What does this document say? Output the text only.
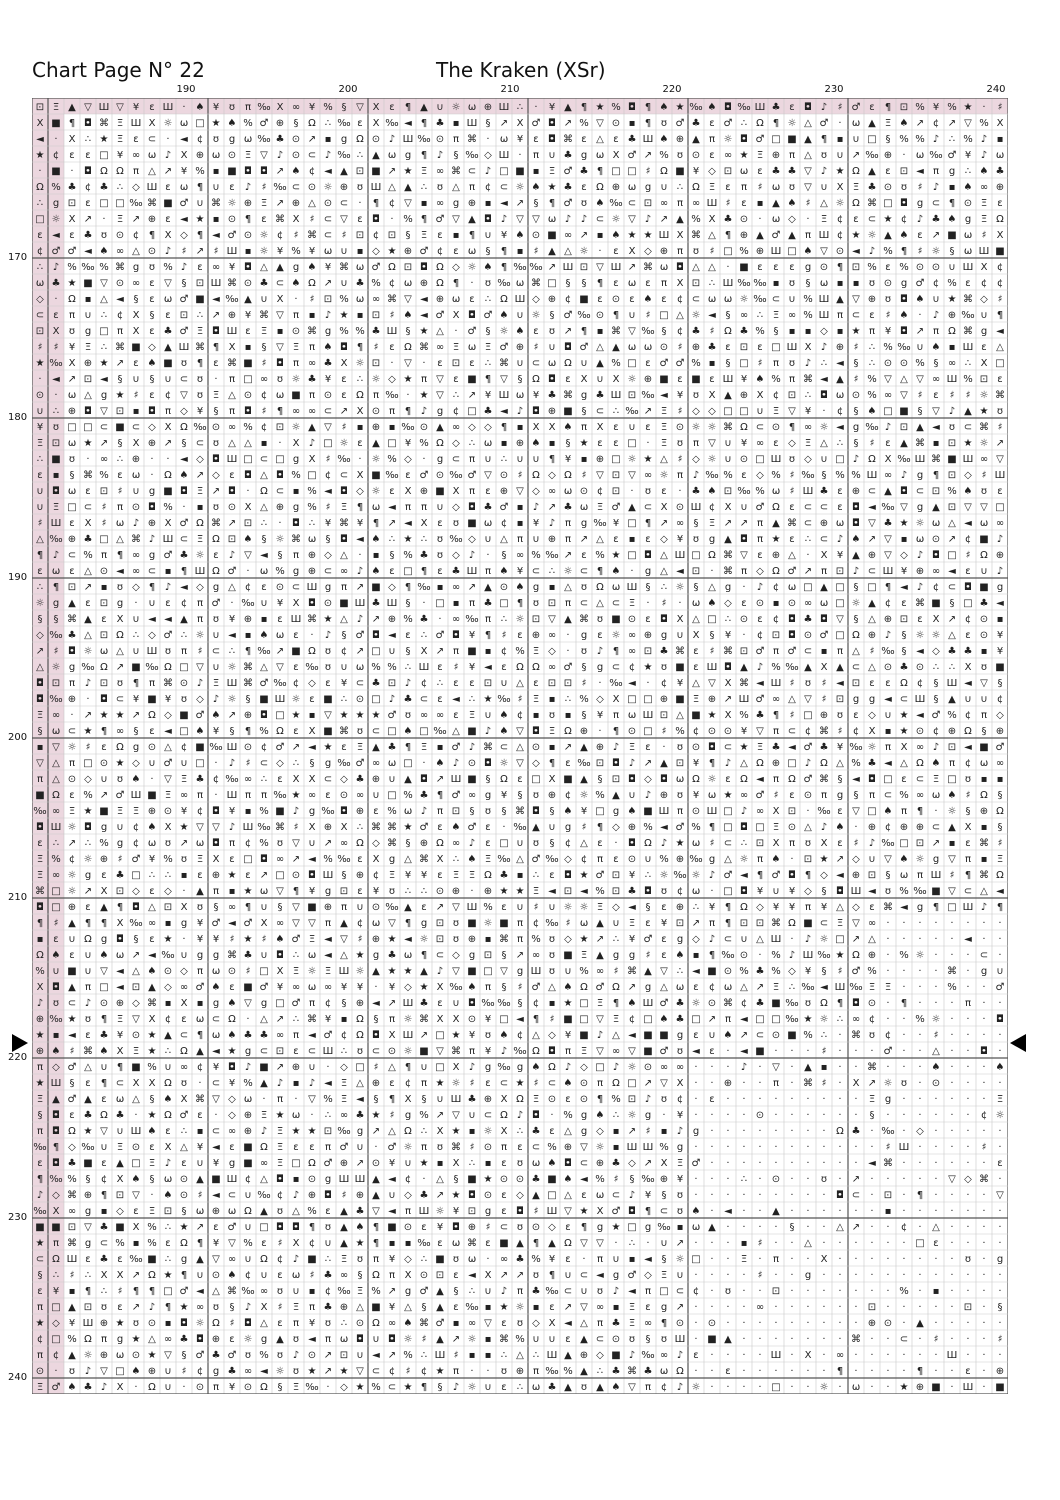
Chart Page N° 22	The Kraken (XSr)
190	200	210	220	230	240
170
180
190
200
210
220
230
240
⊡ Ξ ▲ ▽ Ш ▽ ¥ ɛ Ш · ♠ ¥ ʊ π ‰ X ∞ ¥ % § ▽ X ɛ ¶ ▲ ∪ ☼ ω ⊕ Ш ∴ · ¥ ▲ ¶ ★ % ◘ ¶ ♠ ★ ‰ ♠ ◘ ‰ Ш ♣ ε ◘ ♪ ♯ ♂ ε ¶ ⊡ % ¥ % ★ · ♯
X ■ ¶ ◘ ⌘ Ξ Ш X ☼ ω □ ★ ♠ % ♂ ⊕ § Ω ∴ ‰ ɛ X ‰ ◄ ¶ ♣ ▪ Ш § ↗ X ♂ ◘ ↗ % ▽ ⊙ ▪ ¶ ʊ ♂ ♣ ɛ ♂ ∴ Ω ¶ ☼ △ ♂ · ω ▲ Ξ ♠ ↗ ¢ ↗ ▽ % X
◄ · X ∴ ★ Ξ ε ⊂ · ◄ ¢ ʊ g ω ‰ ♣ ⊙ ↗ ▪ g Ω ⊙ ♪ Ш ‰ ⊙ π ⌘ · ω ¥ ε ◘ ⌘ ε △ ɛ ♣ Ш ♠ ⊕ ▲ π ☼ ◘ ♂ □ ■ ▲ ¶ ▪ ∪ □ § % % ♪ ∴ % ♪ ▪
★ ¢ ɛ ɛ □ ¥ ∞ ω ♪ X ⊕ ω ⊙ Ξ ▽ ♪ ⊙ ⊂ ♪ ‰ ∴ ▲ ω g ¶ ♪ § ‰ ◇ Ш · π ∪ ♣ g ω X ♂ ↗ % ʊ ⊙ ε ∞ ★ Ξ ⊕ π △ ʊ ∪ ↗ ‰ ⊕ · ω ‰ ♂ ¥ ♪ ω
· ■ · ◘ Ω Ω π △ ↗ ¥ % ▪ ■ ◘ ◘ ↗ ♠ ¢ ◄ ▲ ⊡ ■ ↗ ★ Ξ ∞ ⌘ ⊂ ♪ □ ■ ▪ Ξ ♂ ♣ ¶ □ □ ♯ Ω ■ ¥ ◇ ⊡ ω ɛ ♣ ♣ ▽ ♪ ★ Ω ▲ ɛ ⊡ ◄ π g ∴ ♠ ♣
Ω % ♣ ¢ ♣ ∴ ◇ Ш ε ω ¶ ∪ ε ♪ ♯ ‰ ⊂ ⊙ ☼ ⊕ ʊ Ш △ ▲ ∴ ʊ △ π ¢ ⊂ ☼ ♠ ★ ♣ ɛ Ω ⊕ ω g ∪ ∴ Ω Ξ ɛ π ♯ ω ʊ ▽ ∪ X Ξ ♣ ⊙ ʊ ♯ ♪ ▪ ♠ ∞ ⊕
∴ g ⊡ ε □ □ ‰ ⌘ ■ ♂ ∪ ⌘ ☼ ⊕ Ξ ↗ ⊕ △ ⊙ ⊂ · ¶ ¢ ▽ ▪ ∞ g ⊕ ▪ ◄ ↗ § ¶ ♂ ʊ ♠ ‰ ⊂ ⊡ ∞ π ∞ Ш ♯ ε ▪ ▲ ♠ ♯ △ ☼ Ω ⌘ □ ◘ g ⊂ ¶ ⊙ Ξ ɛ
□ ☼ X ↗ · Ξ ↗ ⊕ ε ◄ ★ ▪ ⊙ ¶ ε ⌘ X ♯ ⊂ ▽ ε ◘ · % ¶ ♂ ▽ ▲ ◘ ♪ ▽ ▽ ω ♪ ♪ ⊂ ☼ ▽ ♪ ↗ ▲ % X ♣ ⊙ · ω ◇ · Ξ ¢ ε ⊂ ★ ¢ ♪ ♣ ♠ g Ξ Ω
ɛ ◄ ε ♣ ʊ ⊙ ¢ ¶ X ◇ ¶ ◄ ♂ ⊙ ☼ ¢ ♯ ⌘ ⊂ ♯ ⊡ ¢ ⊡ § Ξ ɛ ▪ ¶ ∪ ¥ ♠ ⊙ ■ ∞ ↗ ▪ ♠ ★ ★ Ш X ⌘ △ ¶ ⊕ ▲ ♂ ▲ π Ш ¢ ★ ☼ ▲ ♠ ɛ ↗ ■ ω ♯ X
¢ ♂ ♂ ◄ ♠ ∞ △ ⊙ ♪ ♯ ↗ ♯ Ш ▪ ☼ ¥ % ¥ ω ∪ ▪ ◇ ★ ⊕ ♂ ¢ ɛ ω § ¶ ▪ ♯ ▲ △ ☼ · ε X ◇ ⊕ π ʊ ♯ □ % ⊕ Ш □ ♠ ▽ ⊙ ◄ ♪ % ¶ ♯ ☼ § ω Ш ■
∴ ♪ % ‰ % ⌘ g ʊ % ♪ ε ∞ ¥ ◘ △ ▲ g ♠ ¥ ⌘ ω ♂ Ω ⊡ ◘ Ω ◇ ☼ ♠ ¶ ‰ ‰ ↗ Ш ⊡ ▽ Ш ↗ ⌘ ω ◘ △ △ · ■ ε ɛ ε g ⊙ ¶ ⊡ % ɛ % ⊙ ⊙ ∪ Ш X ¢
ω ♣ ★ ■ ▽ ⊙ ∞ ɛ ▽ § ⊡ Ш ⌘ ⊙ ♣ ⊂ ♠ Ω ↗ ∪ ♣ % ¢ ω ⊕ Ω ¶ · ʊ ‰ ω ⌘ □ § § ¶ ɛ ω ε π X ⊡ ∴ Ш ‰ ‰ ▪ ʊ § ω ▪ ▪ ʊ ⊙ g ♂ ¢ % ɛ ¢ ¢
◇ · Ω ▪ △ ◄ § ε ω ♂ ■ ◄ ‰ ▲ ∪ X · ♯ ⊡ % ω ∞ ⌘ ▽ ◄ ⊕ ω ε ∴ Ω Ш ◇ ⊕ ¢ ■ ε ⊙ ε ♠ ε ¢ ⊂ ω ω ☼ ‰ ⊂ ∪ % Ш ▲ ▽ ⊕ ʊ ◘ ♠ ∪ ★ ⌘ ◇ ♯
⊂ ε π ∪ ∴ ¢ X § ε ⊡ ∴ ↗ ⊕ ¥ ⌘ ▽ π ▪ ♪ ★ ▪ ⊡ ♯ ♠ ◄ ♂ X ◘ ♂ ♠ ∪ ☼ § ♂ ‰ ⊙ ¶ ∪ ♯ □ △ ☼ ◄ § ∞ ∴ Ξ ∞ % Ш π ⊂ ε ♯ ♠ · ♪ ⊕ ‰ ∪ ¶
⊡ X ʊ g □ π X ε ♣ ♂ Ξ ◘ Ш ɛ Ξ ▪ ⊙ ⌘ g % % ♣ Ш § ★ △ · ♂ § ☼ ♠ ε ʊ ↗ ¶ ▪ ⌘ ▽ ‰ § ¢ ♣ ♯ Ω ♣ % § ▪ ▪ ◇ ▪ ★ π ¥ ◘ ↗ π Ω ⌘ g ◄
♯ ♯ ¥ Ξ ∴ ⌘ ■ ◇ ▲ Ш ⌘ ¶ X ▪ § ▽ Ξ π ♠ ◘ ¶ ♯ ε Ω ⌘ ∞ Ξ ω Ξ ♂ ⊕ ♯ ∪ ◘ ♂ △ ▲ ω ω ⊙ ♯ ⊕ ♣ ε ⊡ ε □ Ш X ♪ ⊕ ♯ ∴ % ‰ ∪ ♠ ▪ Ш ɛ △
★ ‰ X ⊕ ★ ↗ ɛ ♠ ■ ʊ ¶ ɛ ⌘ ■ ♯ ◘ π ∞ ♣ X ☼ ⊡ · ▽ · ε ⊡ ε ∴ ⌘ ∪ ⊂ ω Ω ∪ ▲ % □ ɛ ♂ ♂ % ▪ § □ ♯ π ʊ ♪ ∴ ◄ § ∴ ⊙ ⊙ % § ∞ ∴ X □
· ◄ ↗ ⊡ ◄ § ∪ § ∪ ⊂ ʊ · π □ ∞ ʊ ☼ ♣ ¥ ε ∴ ☼ ◇ ★ π ▽ ɛ ■ ¶ ▽ § Ω ◘ ε X ∪ X ☼ ⊕ ■ ɛ ■ ɛ Ш ¥ ♠ % π ⌘ ◄ ▲ ♯ % ▽ △ ▽ ∞ Ш % ⊡ ɛ
⊙ · ω △ g ★ ♯ ɛ ¢ ▽ ʊ Ξ △ ⊙ ¢ ω ■ π ⊙ ε Ω π ‰ · ★ ▽ ∴ ↗ ¥ Ш ω ¥ ♣ ⌘ g ♣ Ш ⊡ ‰ ◄ ¥ ʊ X ▲ ⊕ X ¢ ⊡ ∴ ◘ ω ⊙ % ∞ ▽ ♯ ε ♯ ♯ ☼ ⌘
∪ ∴ ⊕ ◘ ▽ ⊡ ▪ ◘ π ◇ ¥ § π ◘ ♯ ¶ ∞ ∞ ⊂ ↗ X ⊙ π ¶ ♪ g ¢ □ ♣ ◄ ♪ ◘ ⊕ ■ § ⊂ ∴ ‰ ↗ Ξ ♯ ◇ ◇ □ □ ∪ Ξ ▽ ¥ · ¢ § ♠ □ ■ § ▽ ♪ ▲ ★ ʊ
¥ ʊ □ □ ⊂ ■ ⊂ ◇ X Ω ‰ ⊙ ∞ % ¢ ⊡ ☼ ▲ ▽ ♯ ▪ ⊕ ▪ ‰ ⊙ ▲ ∞ ◇ ◇ ¶ ▪ X X ♠ π X ɛ ∪ ε Ξ ⊙ ☼ ☼ ⌘ Ω ⊂ ⊙ ¶ ∞ ☼ ◄ g ‰ ♪ ⊡ ▲ ◄ ʊ ⊂ ⌘ ♯
Ξ ⊡ ω ★ ↗ § X ⊕ ↗ § ⊂ ʊ △ △ ▪ · X ♪ □ ☼ ɛ ▲ □ ¥ % Ω ◇ ∴ ω ▪ ⊕ ♠ ▪ § ★ ɛ ɛ □ · Ξ ʊ π ▽ ∪ ¥ ∞ ɛ ◇ Ξ △ ∴ § ♯ ε ▲ ⌘ ▪ ⊡ ★ ☼ ↗
∴ ■ ʊ · ∞ ∴ ⊕ · · ◄ ◇ ◘ Ш □ ⊂ □ g X ♯ ‰ · ☼ % ◇ · g ⊂ π ∪ ∴ ∪ ∪ ¶ ¥ ▪ ⊕ □ ☼ ★ △ ♯ ◇ ☼ ∪ ⊙ □ Ш ʊ ◇ ∪ □ ♪ Ω X ‰ Ш ⌘ ■ Ш ∞ ▽
ε ▪ § ⌘ % ε ω · Ω ♠ ↗ ◇ ɛ ◘ △ ◘ % □ ¢ ⊂ X ■ ‰ ɛ ♂ ⊙ ‰ ♂ ▽ ⊙ ♯ Ω ◇ Ω ♯ ▽ ⊡ ▽ ∞ ☼ π ♪ ‰ % ε ◇ % ♯ ‰ § % % Ш ∞ ♪ g ¶ ⊡ ◇ ♯ Ш
∪ ◘ ω ɛ ⊡ ♯ ∪ g ■ ◘ Ξ ↗ ◘ · Ω ⊂ ▪ % ◄ ◘ ◇ ☼ ε X ⊕ ■ X π ɛ ⊕ ▽ ◇ ∞ ω ⊙ ¢ ⊡ · ʊ ɛ · ♣ ♠ ⊡ ‰ % ω ♯ Ш ♣ ɛ ⊕ ⊂ ▲ ◘ ⊂ ⊡ % ♠ ʊ ε
∪ Ξ □ ⊂ ♯ π ⊙ ◘ % · ▪ ʊ ⊙ X △ ⊕ g % ♯ Ξ ¶ ω ◄ π π ∪ ◇ ◘ ♣ ♂ ▪ ♪ ↗ ♣ ω Ξ ♂ ▲ ⊂ X ⊙ Ш ¢ X ∪ ♂ Ω ε ⊂ ⊂ ɛ ◘ ◄ ‰ ▽ g ▲ ⊡ ▽ ▽ □
♯ Ш ε X ♯ ω ♪ ⊕ X ♂ Ω ⌘ ↗ ⊡ ∴ · ◘ ∴ ¥ ⌘ ¥ ¶ ↗ ◄ X ɛ ʊ ■ ω ¢ ▪ ¥ ♪ π g ‰ ¥ □ ¶ ↗ ∞ § Ξ ↗ ↗ π ▲ ⌘ ⊂ ⊕ ω ◘ ▽ ♣ ★ ☼ ω △ ◄ ω ∞
△ ‰ ⊕ ♣ □ △ ⌘ ♪ Ш ⊂ Ξ Ω ⊡ ♠ § ☼ ⌘ ω § ◘ ◄ ♠ ∴ ★ ∴ ʊ ‰ ◇ ∪ △ π ∪ ⊕ π ↗ △ ɛ ▪ ɛ ◇ ¥ ʊ g ▲ ◘ π ★ ε ∴ ⊂ ♪ ♠ ↗ ▽ ▪ ω ⊙ ↗ ¢ ■ ♪
¶ ♪ ⊂ % π ¶ ∞ g ♂ ♣ ☼ ɛ ♪ ▽ ◄ § π ⊕ ◇ △ · ▪ § % ♣ ʊ ◇ ♪ · § ∞ % ‰ ↗ ɛ % ★ □ ◘ △ Ш □ Ω ⌘ ▽ ε ⊕ △ · X ¥ ▲ ⊕ ▽ ◇ ♪ ◘ □ ♯ Ω ⊕
ɛ ω ɛ △ ⊙ ◄ ∞ ⊂ ▪ ¶ Ш Ω ♂ · ω % g ⊕ ⊂ ∞ ♪ ♠ ɛ □ ¶ ɛ ♣ Ш π ♠ ¥ ⊂ ∴ ☼ ⊂ ¶ ♠ · g △ ◄ ⊡ · ⌘ π ◇ Ω ♂ ↗ π ⊡ ♪ ⊂ Ш ¥ ⊕ ∞ ◄ ɛ ∪ ♪
∴ ¶ ⊡ ↗ ▪ ʊ ◇ ¶ ♪ ◄ ◇ g △ ¢ ε ⊙ ⊂ Ш g π ↗ ■ ◇ ¶ ‰ ▪ ∞ ↗ ▲ ⊙ ♠ g ▪ △ ʊ Ω ω Ш § ∴ ☼ § △ g · ♪ ¢ ω □ ▲ □ § □ ¶ ◄ ♪ ¢ ⊂ ◘ ■ g
☼ g ▲ ε ⊡ g · ∪ ɛ ¢ π ♂ · ‰ ∪ ¥ X ◘ ⊙ ■ Ш ♣ Ш § · □ ▪ π ♣ □ ¶ ʊ ⊡ π ⊂ △ ⊂ Ξ · ♯ · ω ♠ ◇ ɛ ⊙ ▪ ⊙ ∞ ω □ ☼ ▲ ¢ ε ⌘ ■ § □ ♣ ◄
§ § ⌘ ▲ ɛ X ∪ ◄ ◄ ▲ π ʊ ¥ ⊕ ▪ ɛ Ш ⌘ ★ △ ♪ ↗ ⊕ % ♣ · ∞ ‰ π ∴ ☼ ⊡ ▽ ▲ ⌘ ʊ ■ ⊙ ε ◘ X △ □ ∴ ⊙ ɛ ¢ ◘ ♣ ◘ ▽ § △ ⊕ ⊡ ɛ X ↗ ¢ ⊙ ▪
◇ ‰ ♣ △ ⊡ Ω ∴ ◇ ♂ ∴ ☼ ∪ ◄ ▪ ♠ ω ɛ · ♪ § ♂ ◘ ◄ ɛ ∴ ♂ ◘ ¥ ¶ ♯ ɛ ⊕ ∞ · g ɛ ☼ ∞ ⊕ g ∪ X § ¥ · ¢ ⊡ ◘ ⊙ ♂ □ Ω ⊕ ♪ § ☼ ☼ △ ε ⊙ ¥
↗ ♯ ◘ ☼ ω △ ∪ Ш ʊ π ♯ ⊂ ∴ ¶ ‰ ↗ ■ Ω ʊ ¢ ↗ □ ∪ § X ↗ π ■ ▪ ¢ % Ξ ◇ · ʊ ♪ ¶ ∞ ⊡ ♣ ⌘ ɛ ♯ ⌘ ⊡ ♂ π ♂ ⊂ ▪ π △ ♯ ‰ § ◄ ◇ ♣ ♣ ▪ ¥
△ ☼ g ‰ Ω ↗ ■ ‰ Ω □ ▽ ∪ ☼ ⌘ △ ▽ ɛ ‰ ʊ ∪ ω % % ∴ Ш ε ♯ ¥ ◄ ɛ Ω Ω ∞ ♂ § g ⊂ ¢ ★ ʊ ■ ɛ Ш ◘ ▲ ♪ % ‰ ▲ X ▲ ⊂ △ ⊙ ♣ ⊙ ∴ ∴ X ʊ ■
◘ ⊡ π ♪ ⊡ ʊ ¶ π ⌘ ⊙ ♪ Ξ Ш ⌘ ♂ ‰ ¢ ◇ ε ¥ ⊂ ♣ ⊡ ♪ ¢ ∴ ε ɛ ⊡ ∪ △ ɛ ⊡ ⊡ ♯ · ‰ ◄ · ¢ ¥ △ ▽ X ⌘ ◄ Ш ♯ ʊ ♯ ◄ ⊡ ε ɛ Ω ¢ § Ш ◄ ▽ §
◘ ‰ ⊕ · ◘ ⊂ ¥ ■ ¥ ʊ ◇ ♪ ☼ § ■ Ш ☼ ɛ ■ ∴ ⊙ □ ♪ ♣ ⊂ ε ◄ ∴ ★ ‰ ♯ Ξ ▪ ∴ % ◇ X □ □ ⊕ ■ Ξ ⊕ ↗ Ш ♂ ∞ △ ▽ ♯ ⊡ g g ◄ ⊂ Ш § ▲ ∪ ∪ ¢
Ξ ∞ · ↗ ★ ★ ↗ Ω ◇ ■ ♂ ♠ ↗ ⊕ ◘ □ ★ ▪ ▽ ★ ★ ★ ♂ ʊ ∞ ∞ ɛ Ξ ∪ ♠ ¢ ▪ ʊ ▪ § ¥ π ω Ш ⊡ △ ■ ★ X % ♣ ¶ ♯ □ ⊕ ʊ ε ◇ ∪ ★ ◄ ♂ % ¢ π ◇
§ ω ⊂ ★ ¶ ∞ § ε ◄ □ ♠ ¥ § ¶ % Ω ɛ X ■ ⌘ ʊ ⊂ □ ♠ □ ‰ △ ■ ♪ ♠ ▽ ◘ Ξ Ω ⊕ · ¶ ⊙ □ ♯ % ¢ ⊙ ⊙ ¥ ▽ π ⊂ ¢ ⌘ ♯ ¢ X ▪ ★ ⊙ ¢ ⊕ Ω § ⊕
▪ ▽ ☼ ♯ ɛ Ω g ⊙ △ ¢ ■ ‰ Ш ⊙ ¢ ♂ ↗ ◄ ★ ɛ Ξ ▲ ♣ ¶ Ξ ▪ ♂ ♪ ⌘ ⊂ △ ⊙ ▪ ↗ ▲ ⊕ ♪ Ξ ɛ · ʊ ⊙ ◘ ⊂ ★ Ξ ♣ ◄ ♂ ♣ ¥ ‰ ☼ π X ∞ ♪ ⊡ ◄ ■ ♂
▽ △ π □ ⊙ ★ ◇ ∪ ♂ ∪ □ · ♪ ♯ ⊂ ◇ ∴ § g ‰ ♂ ∞ ω □ · ♠ ♪ ⊙ ◘ ☼ ▽ ◇ ¶ ɛ ‰ ⊡ ◘ ♪ ↗ ▲ ⊡ ¥ ¶ ♪ △ Ω ⊕ □ ♪ Ω △ % ♣ ◄ △ Ω ♠ π ¢ ω ∞
π △ ⊙ ◇ ∪ ʊ ♠ · ▽ Ξ ♣ ¢ ‰ ∞ ∴ ε X X ⊂ ◇ ♣ ⊕ ∪ ▲ ◘ ↗ Ш ■ § Ω ε □ X ■ ▲ § ⊡ ◘ ◇ ◘ ω Ω ☼ ε Ω ◄ π Ω ♂ ⌘ § ◄ ◘ □ ε ⊂ Ξ □ ʊ ▪ ▪
■ Ω ε % ↗ ♂ Ш ■ Ξ ∞ π · Ш π π ‰ ★ ∞ ɛ ⊙ ∞ ∪ □ % ♣ ¶ ♂ ∞ g ¥ § ʊ ⊕ ¢ ☼ % ▲ ∪ ♪ ⊕ ʊ ¥ ω ★ ∞ ♂ ♯ ɛ ⊙ π g § π ⊂ % ∞ ω ♠ ♯ Ω §
‰ ∞ Ξ ★ ■ Ξ Ξ ⊕ ⊙ ¥ ¢ ◘ ¥ ▪ % ■ ♪ g ‰ ◘ ⊕ ɛ % ω ♪ π ⊡ § ʊ § ⌘ ◘ § ♠ ¥ □ g ♠ ■ Ш π ⊙ Ш □ ♪ ∞ X ⊡ · ‰ ε ▽ □ ♠ π ¶ · ☼ § ⊕ Ω
◘ Ш ☼ ◘ g ∪ ¢ ♠ X ★ ▽ ▽ ♪ Ш ‰ ⌘ ♯ X ⊕ X ∴ ⌘ ⌘ ★ ♂ ɛ ♠ ♂ ɛ · ‰ ▲ ∪ g ♯ ¶ ◇ ⊕ % ◄ ♂ % ¶ □ ◘ □ Ξ ⊙ △ ♪ ♠ · ⊕ ¢ ⊕ ⊕ ⊂ ▲ X ▪ §
ε ∴ ↗ ∴ % g ¢ ω ʊ ↗ ω ◘ π ¢ % ʊ ▽ ∪ ↗ ∞ Ω ◇ ⌘ § ⊕ Ω ∞ ♪ ε □ ∪ ʊ § ¢ △ ɛ · ◘ Ω ♪ ★ ω ♯ ⊂ ∴ ⊡ X π ʊ X ε ♯ ♪ ‰ □ ⊡ ↗ ▪ ε ⌘ ♯
Ξ % ¢ ☼ ⊕ ♯ ♂ ¥ % ʊ Ξ X ɛ □ ◘ ∞ ↗ ◄ % ‰ ε X g △ ⌘ X ∴ ♠ Ξ ‰ △ ♂ ‰ ◇ ¢ π ε ⊙ ∪ % ⊕ ‰ g △ ☼ π ♠ · ⊡ ★ ↗ ◇ ∪ ▽ ♠ ☼ g ▽ π ▪ Ξ
Ξ ∞ ☼ g ε ♣ □ ∴ ∴ ▪ ε ⊕ ★ ε ↗ □ ⊙ ◘ Ш § ⊕ ¢ Ξ ¥ ¥ ɛ Ξ Ξ Ω ♣ ▪ ∴ ɛ ◘ ★ ♂ ⊡ ¥ ∴ ☼ ‰ ☼ ♪ ♂ ◄ ¶ ♂ ◘ ¶ ◇ ◄ ⊕ ⊡ § ω π Ш ♯ ¶ ⌘ Ω
⌘ □ ☼ ↗ X ⊡ ◇ ɛ ◇ · ▲ π ▪ ★ ω ▽ ¶ ¥ g ⊡ ɛ ¥ ʊ ∴ ∴ ⊙ ⊕ · ⊕ ★ ★ Ξ ◄ ⊡ ◄ % ⊡ ♣ ◘ ʊ ¢ ω · □ ◘ ¥ ∪ ¥ ◇ § ◘ Ш ◄ ʊ % ‰ ■ ▽ ⊂ △ ◄
◘ □ ⊕ ε ▲ ¶ ◘ △ ⊡ X ʊ § ∞ ¶ ∪ § ▽ ■ ⊕ π ∪ ⊙ ‰ ▲ ε ↗ ▽ Ш % ε ∪ ♯ ∪ ☼ ☼ Ξ ◇ ◄ § ε ⊕ ∴ ¥ ¶ Ω ◇ ¥ ¥ π ¥ △ ◇ ε ⌘ ◄ g ¶ □ Ш ♪ ¶
¶ ♯ ▲ ¶ ¶ X ‰ ∞ ▪ g ¥ ♂ ◄ ♂ X ∞ ▽ ▽ π ▲ ¢ ω ▽ ¶ g ⊡ ʊ ■ ☼ ■ π ¢ ‰ ♯ ω ▲ ∪ Ξ ε ¥ ⊡ ↗ π ¶ ⊡ ⊡ ⌘ Ω ■ ⊂ Ξ ▽ ∞ · · · · · · · ·
▪ ɛ ∪ Ω g ◘ § ε ★ · ¥ ¥ ♯ ★ ♯ ♠ ♂ Ξ ◄ ▽ ♯ ⊕ ★ ◄ ☼ ⊡ ʊ ⊕ ▪ ⌘ π % ʊ ◇ ★ ↗ ∴ ¥ ♂ ɛ g ◇ ♪ ⊂ ∪ △ Ш · ♪ ☼ □ ↗ △ · · · · · ◄ · ·
Ω ♠ ɛ ∪ ♠ ω ↗ ◄ ‰ ∪ g g ⌘ ♣ ∪ ◘ ∴ ω ◄ △ ★ g ♣ ω ¶ ⊂ ◇ g ⊡ § ↗ ∞ ʊ ■ Ξ ▲ g g ♯ ε ♠ ▪ ¶ ‰ ⊙ · % ♪ Ш ‰ ★ Ω ⊕ · % ☼ · · · ⊂ ·
% ∪ ■ ∪ ▽ ◄ △ ♠ ⊙ ◇ π ω ⊙ ♯ □ X Ξ ☼ Ξ Ш ☼ ▲ ★ ★ ▲ ♪ ▽ ■ □ ▽ g Ш ʊ ∪ % ∞ ♯ ⌘ ▲ ▽ ∴ ◄ ■ ⊙ % ♣ % ◇ ¥ § ♯ ♂ % · · · · ⌘ · g ∪
X ◘ ▲ π □ ◄ ⊡ ▲ ◇ ∞ ♂ ♠ ɛ ■ ♂ ¥ ∞ ω ∞ ¥ ¥ · ¥ ◇ ★ X ‰ ♠ π § ♯ ♂ △ ♠ Ω ♂ Ω ↗ g △ ω ɛ ¢ ω △ ↗ Ξ ∴ ‰ ◄ Ш ‰ Ξ Ξ · · · % · · ♂
♪ ʊ ⊂ ♪ ⊙ ⊕ ◇ ⌘ ▪ X ▪ g ♠ ▽ g □ ♂ π ¢ § ⊕ ◄ ↗ Ш ♣ ε ∪ ◘ ‰ ‰ § ¢ ▪ ★ □ Ξ ¶ ♠ Ш ♂ ♣ ☼ ⊙ ⌘ ¢ ♣ ■ ‰ ʊ Ω ¶ ◘ ⊙ · ¶ · · · π · ·
⊕ ‰ ★ ʊ ¶ Ξ ▽ X ¢ ɛ ω ⊂ Ω · △ ↗ ∴ ⌘ ¥ ▪ Ω § π ☼ ⌘ X X ⊙ ¥ □ ◄ ¶ ♯ ■ □ ▽ Ξ ¢ □ ♠ ♣ □ ↗ π ◄ □ □ ‰ ★ ☼ ∴ ∞ ¢ · · % ☼ · · · ◘
★ ▪ ◄ ɛ ♣ ¥ ⊙ ★ ▲ ⊂ ¶ ω ♠ ♣ ♣ ∞ π ◄ ♂ ¢ Ω ◘ X Ш ↗ □ ★ ¥ ʊ ♠ ¢ △ ◇ ¥ ■ ♪ △ ◄ ■ ■ g ε ∪ ♠ ↗ ⊂ ⊙ ■ % ∴ · ⌘ ʊ ¢ · · ♯ · · · ·
⊕ ♠ ♯ ⌘ ♠ X Ξ ★ ∴ Ω ▲ ◄ ★ g ⊂ ⊡ ɛ ⊂ Ш ∴ ʊ ⊂ ⊙ ☼ ■ ▽ ⌘ π ¥ ♪ ‰ Ω ◘ π Ξ ▽ ∞ ▽ ■ ♂ ʊ ◄ ɛ · ◄ ■ · · · ♯ · · · ♂ · · △ · · ◘ ·
π ◇ ♂ △ ∪ ¶ ■ % ∪ ∞ ¢ ¥ ◘ ♪ ■ ↗ ⊕ ∪ · ◇ □ ♯ △ ¶ ∪ □ X ♪ g ‰ g ♠ Ω ♪ ◇ □ ♪ ☼ ⊙ ∞ ∞ · · · ♪ · ▽ · ▲ ▪ · · ⌘ · · · ♠ · · · ♠
★ Ш § ε ¶ ⊂ X X Ω ʊ · ⊂ ¥ % ▲ ♪ ▪ ♪ ◄ Ξ △ ⊕ ɛ ¢ π ★ ☼ ♯ ɛ ⊂ ★ ♯ ⊂ ♠ ⊙ π Ω □ ↗ ▽ X · · ⊕ · · π · ⌘ ♯ · X ↗ ☼ ʊ · ⊙ · · · ·
Ξ ▲ ♂ ▲ ɛ ω △ § ♠ X ⌘ ▽ ◇ ω · π · ▽ % Ξ ◄ § ¶ X § ∪ Ш ♣ ⊕ X Ω Ξ ⊙ ε ⊙ ¶ % ⊡ ♪ ʊ ¢ · ɛ · · · · · · · · · Ξ g · · · · · · Ξ
§ ◘ ε ♣ Ω ♣ · ★ Ω ♂ ε · ◇ ⊕ Ξ ★ ω · ∴ ∞ ♣ ★ ♯ g % ↗ ▽ ∪ ⊂ Ω ♪ ◘ · % g ♠ ∴ ☼ g · ¥ · · · · ⊙ · · · · · · § · · · · · · ¢ ☼
π ◘ Ω ★ ▽ ∪ Ш ♠ ε ∴ ▪ ⊂ ∞ ⊕ ♪ Ξ ★ ★ ⊡ ‰ g ↗ △ Ω ∴ X ★ ▪ ☼ X ∴ ♣ ɛ △ g ◇ ▪ ↗ ♯ ▪ ♪ g · · · · · · · · Ω ♣ · ‰ · ◇ · · · · ·
‰ ¶ ◇ ‰ ∪ Ξ ⊙ ɛ X △ ¥ ◄ ɛ ■ Ω Ξ ɛ ɛ π ♂ ∪ · ♂ ☼ π ʊ ⌘ ♯ ⊙ π ε ⊂ % ⊕ ▽ ☼ ▪ Ш Ш % g · · · · · · · · · · · · ♯ Ш · · · · ♯ ·
ɛ ◘ ♣ ■ ɛ ▲ □ Ξ ♪ ε ∪ ¥ g ■ ∞ Ξ □ Ω ♂ ⊕ ↗ ⊙ ¥ ∪ ★ ▪ X ∴ ▪ ɛ ʊ ω ♠ ◘ ⊂ ⊕ ♣ ◇ ↗ X Ξ ♂ · · · · · · · · · · ◄ ⌘ · · · · · · ε
¶ ‰ % § ¢ X ♠ § ω ⊙ ▲ ■ Ш ¢ △ ◘ ▪ ⊙ g Ш Ш ▲ ◄ ¢ · △ § ■ ★ ⊙ ⊙ ♣ ■ ♠ ◄ % ♯ § ‰ ⊕ ¥ · · · ∴ · ⊙ · · ʊ · ↗ · · · · · ▽ ◇ ⌘ ·
♪ ◇ ⌘ ⊕ ¶ ⊡ ▽ · ♠ ⊙ ♯ ◄ ⊂ ∪ ‰ ¢ ♪ ⊕ ◘ ♯ ⊕ ▲ ∪ ◇ ♣ ↗ ★ ◘ ⊙ ɛ ◇ ▲ □ △ ε ω ⊂ ♪ ¥ § ʊ · · · · · · · · · ◘ ⊂ · ⊡ · ¶ · · · · ▽
‰ X ∞ g ▪ ◇ ε Ξ ⊡ § ω ⊕ ω Ω ▲ ʊ △ % ε ▲ ♣ ▽ ◄ π Ш ☼ ¥ ⊡ g ɛ ◘ ♯ Ш ▽ ★ X ♂ ◘ ¶ ⊂ ʊ ♠ · ◄ · · ▲ · · · · · · ▪ · · · · · · ·
■ ■ ⊡ ▽ ♣ ■ X % ∴ ★ ↗ ɛ ♂ ∪ □ ◘ ◘ ¶ ʊ ▲ ♠ ¶ ■ ⊙ ε ¥ ◘ ⊕ ♯ ⊂ ʊ ⊙ ◇ ɛ ¶ g ★ □ g ‰ ▪ ω ▲ · · · · § · · △ ↗ · · ¢ · △ · · · ·
★ π ⌘ g ⊂ % ▪ % ɛ Ω ¶ ¥ ▽ % ε ♯ X ¢ ∪ ▲ ★ ¶ ▪ ▪ ‰ ε ω ⌘ ɛ ■ ▲ ¶ ▲ Ω ▽ ▽ · ∴ · ∪ ↗ · · · ▪ ♯ · · △ · · · · · · □ ɛ · · · ·
⊂ Ω Ш ε ♣ ɛ ‰ ■ ∴ g ▲ ▽ ∞ ∪ Ω ¢ ♪ ■ ∴ Ξ ʊ π ¥ ◇ ∴ ■ ʊ ω · ∞ ♣ % ¥ ε · π ∪ ▪ ◄ § ☼ □ · · Ξ · π · · X · · · · · · · · ʊ · g
§ ∴ ♯ ∴ X X ↗ Ω ★ ¶ ∪ ⊙ ♠ ¢ ∪ ɛ ω ♯ ♣ ∞ § Ω π X ⊙ ⊡ ε ◄ X ↗ ↗ ʊ ¶ ∪ ⊂ ◄ g ♂ ◇ Ξ ∪ · · · · ♯ · · g · · · · · · · · · · · ·
ɛ ¥ ▪ ¶ ∴ ♯ ¶ ¶ □ ♂ ◄ △ ⌘ ‰ ∞ ʊ ∪ ▪ ¢ ‰ Ξ % ↗ g ♂ ▲ § ∴ ∪ ♪ π ♣ ‰ ⊂ ∪ ʊ ♪ ◄ π □ ⊂ ¢ · ʊ · · ⊡ · · · · · · · % · ▪ · · · ·
π □ ▲ ⊡ ʊ ɛ ↗ ♪ ¶ ★ ∞ ʊ § ♪ X ♯ Ξ π ♣ ⊕ △ ■ ¥ △ § ▲ ε ‰ ▪ ★ ☼ ▪ ε ↗ ▽ ∞ ▪ Ξ ɛ g ↗ · · · · ∞ · · · · · · ⊡ · · · · · ⊡ · §
★ ◇ ¥ Ш ⊕ ★ ʊ ⊙ ▪ ◘ ☼ Ω ♯ ◘ △ ɛ π ¥ ʊ ∴ ⊙ Ω ∞ ♠ ⌘ ♂ ▪ ∞ ▽ ε ʊ ◇ X ◄ △ π ♣ Ξ ∞ ¶ ⊙ · ⊙ · · · · · · · · · ⊕ ⊙ · ▲ · · · · ·
¢ □ % Ω π g ★ △ ∞ ♣ ◘ ⊕ ε ☼ g ▲ ʊ ◄ π ω ◘ ∪ ◘ ☼ ♯ ▲ ↗ ☼ ▪ ⌘ % ∪ ∪ ɛ ▲ ⊂ ⊙ ʊ § ʊ Ш · ■ ▲ · · · · · · · ⌘ · · ⊂ · ♯ · · · ♯
π ¢ ▲ ☼ ⊕ ω ⊙ ★ ▽ § ♂ ♣ ♂ ʊ % ʊ ♪ ⊙ ↗ ⊡ ∪ ◄ ↗ % ∴ Ш ♯ ▪ ▪ ∴ △ ∴ Ш ▲ ⊕ ◇ ■ ♪ ‰ ∞ ♪ ɛ · · · · Ш · X · ∞ · · · · · · Ш · · ·
⊙ · ʊ ♪ ▽ □ ♠ ⊕ ∪ ♯ ¢ g ♣ ∞ ◄ ☼ ʊ ★ ↗ ★ ▽ ⊂ ¢ ♯ ¢ ★ π · · ʊ ⊕ π ‰ % ▲ ∴ ♣ ⌘ ♣ ω Ω · · ɛ · · · · · · ¶ · · · · ¶ · · ɛ · ⊕
Ξ ♂ ♠ ♣ ♪ X · Ω ∪ · ⊙ π ¥ ⊙ Ω § Ξ ‰ · ◇ ★ % ⊂ ★ ¶ § ♪ ☼ ∪ ɛ ∴ ω ♣ ▲ ʊ ▲ ♠ ▽ π ¢ ♪ ☼ · · · · □ · · ☼ · ω · · ★ ⊕ ■ · Ш · ■
